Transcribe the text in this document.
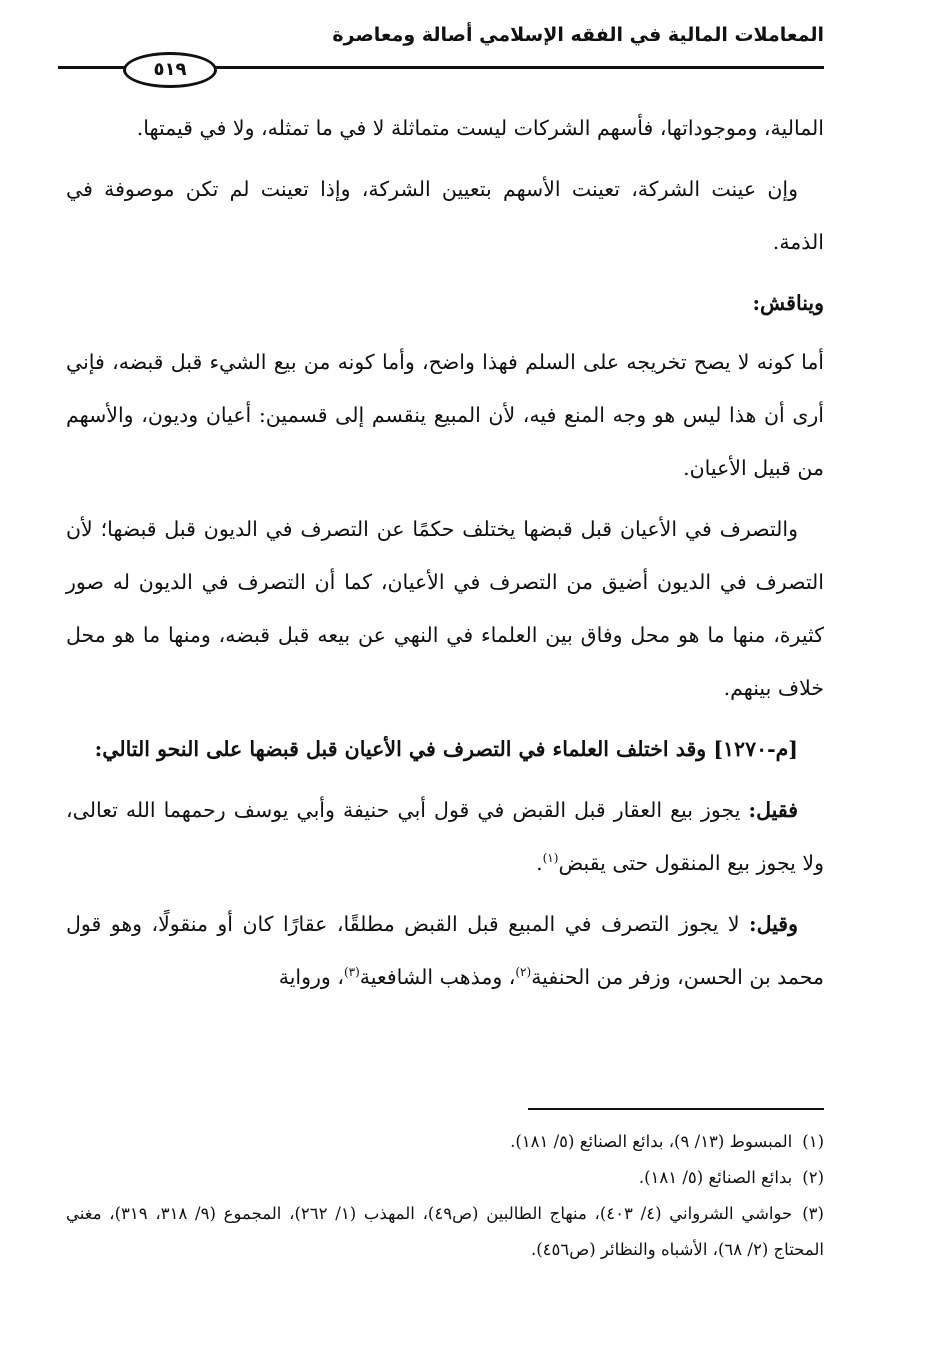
المعاملات المالية في الفقه الإسلامي أصالة ومعاصرة
٥١٩

المالية، وموجوداتها، فأسهم الشركات ليست متماثلة لا في ما تمثله، ولا في قيمتها.

وإن عينت الشركة، تعينت الأسهم بتعيين الشركة، وإذا تعينت لم تكن موصوفة في الذمة.

ويناقش:

أما كونه لا يصح تخريجه على السلم فهذا واضح، وأما كونه من بيع الشيء قبل قبضه، فإني أرى أن هذا ليس هو وجه المنع فيه، لأن المبيع ينقسم إلى قسمين: أعيان وديون، والأسهم من قبيل الأعيان.

والتصرف في الأعيان قبل قبضها يختلف حكمًا عن التصرف في الديون قبل قبضها؛ لأن التصرف في الديون أضيق من التصرف في الأعيان، كما أن التصرف في الديون له صور كثيرة، منها ما هو محل وفاق بين العلماء في النهي عن بيعه قبل قبضه، ومنها ما هو محل خلاف بينهم.

[م-١٢٧٠] وقد اختلف العلماء في التصرف في الأعيان قبل قبضها على النحو التالي:

فقيل: يجوز بيع العقار قبل القبض في قول أبي حنيفة وأبي يوسف رحمهما الله تعالى، ولا يجوز بيع المنقول حتى يقبض$^{(١)}$.

وقيل: لا يجوز التصرف في المبيع قبل القبض مطلقًا، عقارًا كان أو منقولًا، وهو قول محمد بن الحسن، وزفر من الحنفية$^{(٢)}$، ومذهب الشافعية$^{(٣)}$، ورواية

(١)المبسوط (١٣/ ٩)، بدائع الصنائع (٥/ ١٨١).

(٢)بدائع الصنائع (٥/ ١٨١).

(٣)حواشي الشرواني (٤/ ٤٠٣)، منهاج الطالبين (ص٤٩)، المهذب (١/ ٢٦٢)، المجموع (٩/ ٣١٨، ٣١٩)، مغني المحتاج (٢/ ٦٨)، الأشباه والنظائر (ص٤٥٦).
